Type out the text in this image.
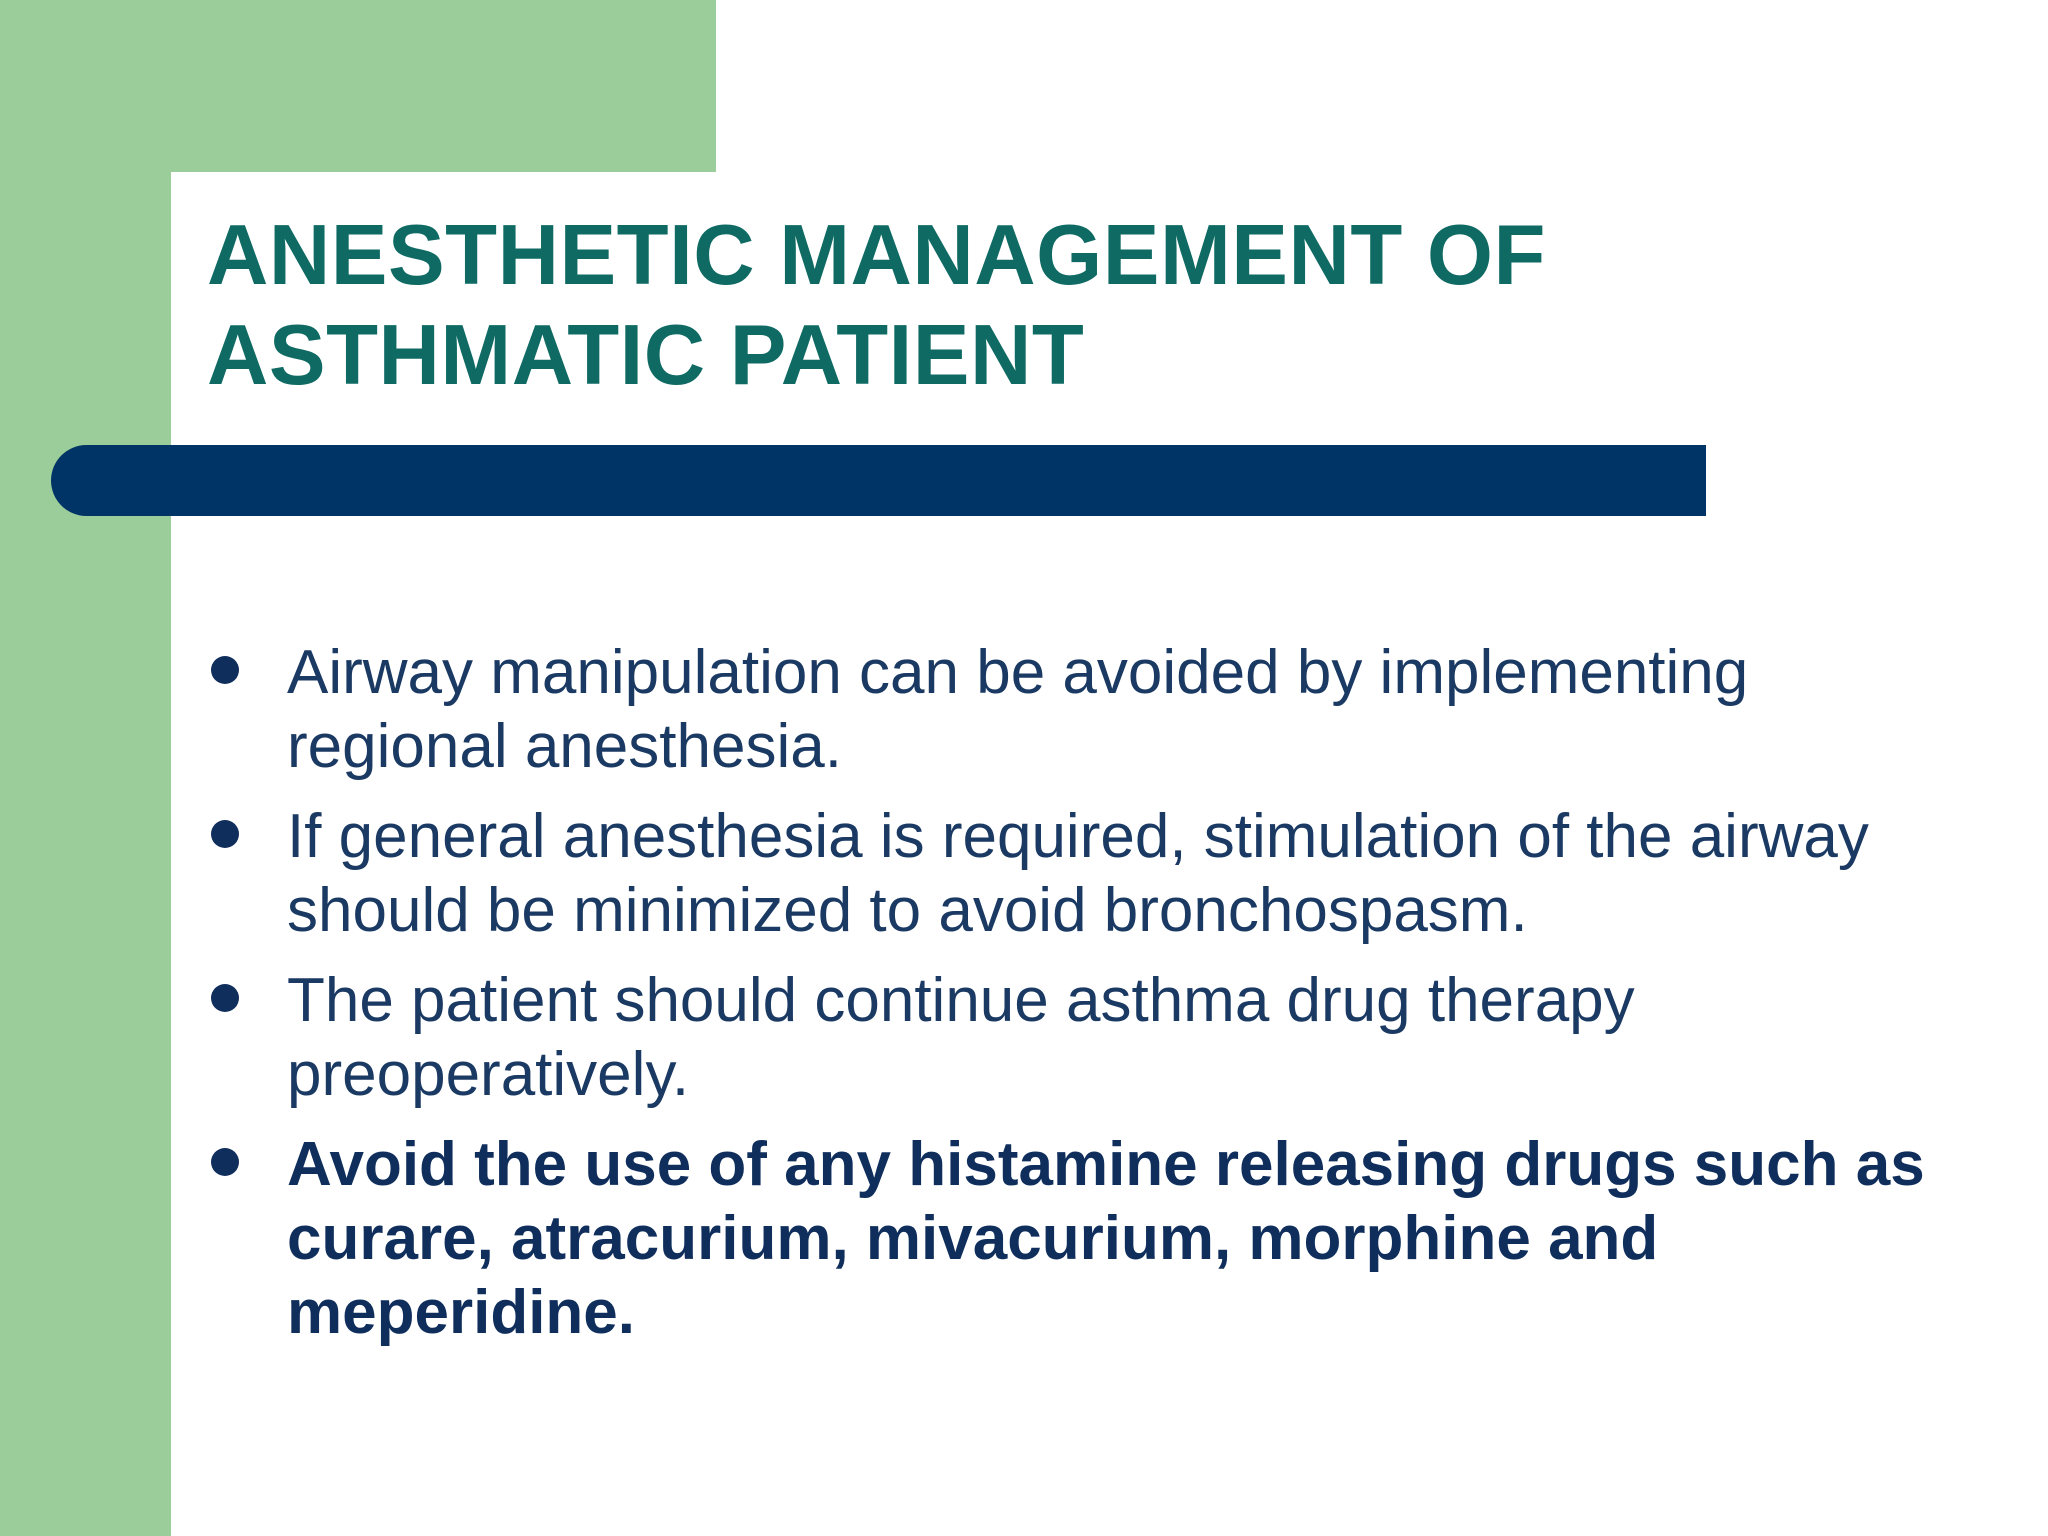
ANESTHETIC MANAGEMENT OF
ASTHMATIC PATIENT
Airway manipulation can be avoided by implementing regional anesthesia.
If general anesthesia is required, stimulation of the airway should be minimized to avoid bronchospasm.
The patient should continue asthma drug therapy preoperatively.
Avoid the use of any histamine releasing drugs such as curare, atracurium, mivacurium, morphine and meperidine.
